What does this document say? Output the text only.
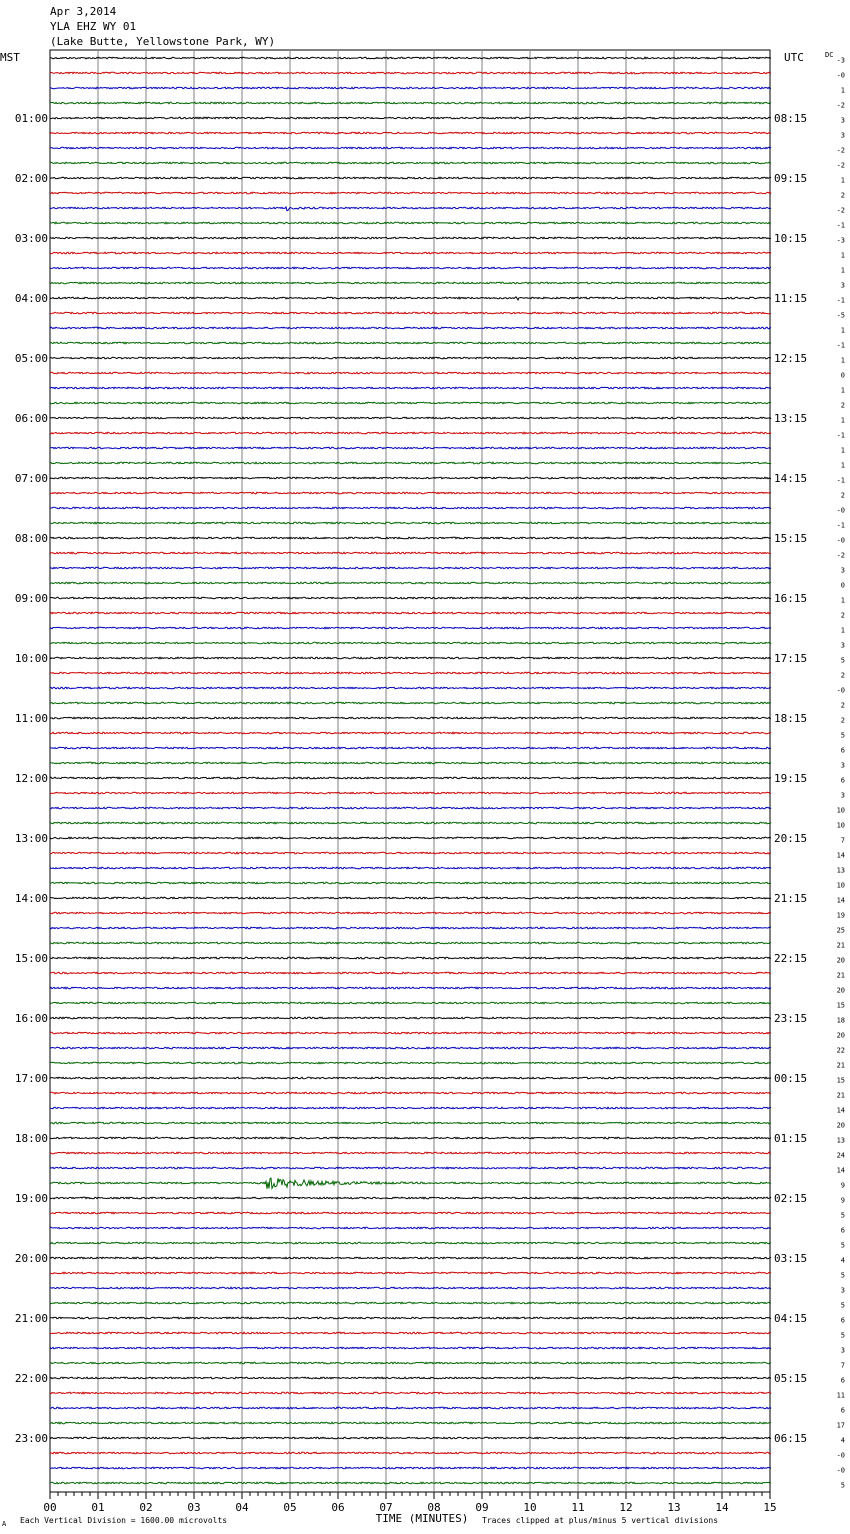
Apr 3,2014
YLA EHZ WY 01
(Lake Butte, Yellowstone Park, WY)
MST	UTC	DC
01:00
02:00
03:00
04:00
05:00
06:00
07:00
08:00
09:00
10:00
11:00
12:00
13:00
14:00
15:00
16:00
17:00
18:00
19:00
20:00
21:00
22:00
23:00
08:15
09:15
10:15
11:15
12:15
13:15
14:15
15:15
16:15
17:15
18:15
19:15
20:15
21:15
22:15
23:15
00:15
01:15
02:15
03:15
04:15
05:15
06:15
-3
-0
1
-2
3
3
-2
-2
1
2
-2
-1
-3
1
1
3
-1
-5
1
-1
1
0
1
2
1
-1
1
1
-1
2
-0
-1
-0
-2
3
0
1
2
1
3
5
2
-0
2
2
5
6
3
6
3
10
10
7
14
13
10
14
19
25
21
20
21
20
15
18
20
22
21
15
21
14
20
13
24
14
9
9
5
6
5
4
5
3
5
6
5
3
7
6
11
6
17
4
-0
-0
5
00	01	02	03	04	05	06	07	08	09	10	11	12	13	14	15
TIME (MINUTES)
A Each Vertical Division = 1600.00 microvolts	Traces clipped at plus/minus 5 vertical divisions
